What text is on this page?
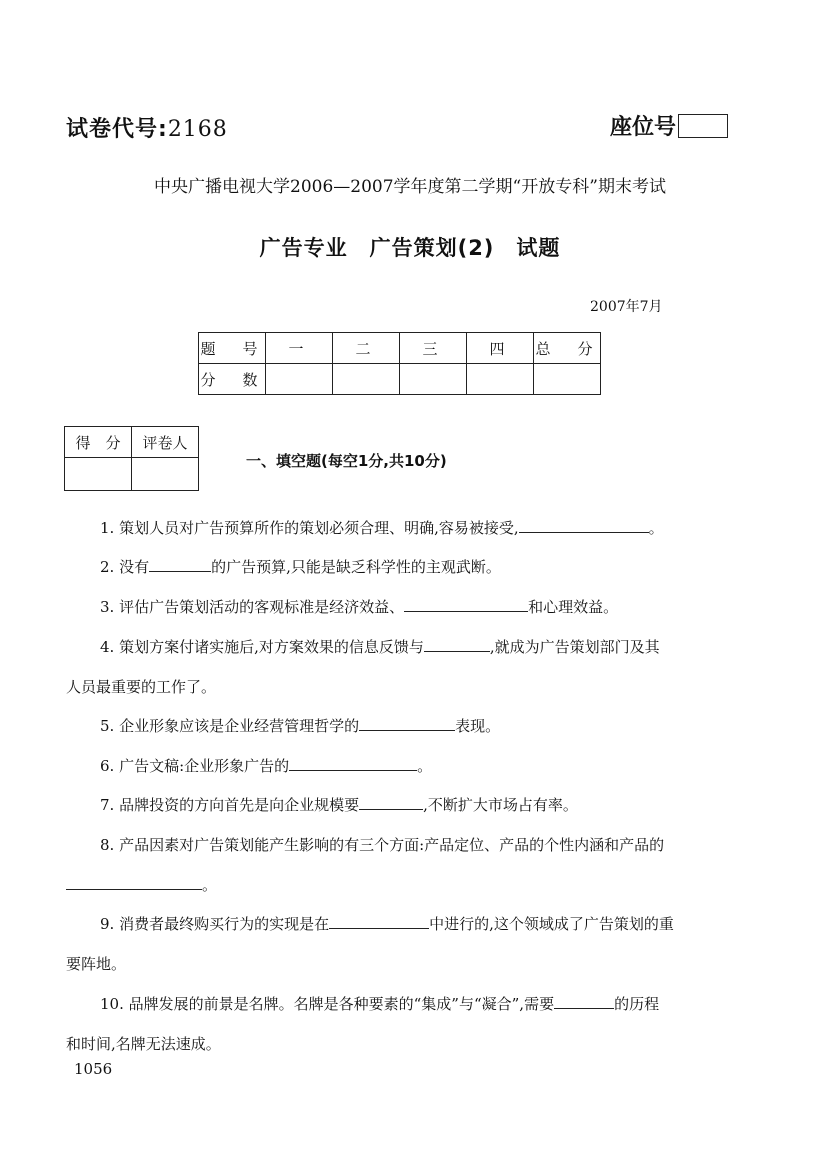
试卷代号:2168	座位号
中央广播电视大学2006—2007学年度第二学期“开放专科”期末考试
广告专业　广告策划(2)　试题
2007年7月
题　号	一	二	三	四	总　分
分　数					
得　分	评卷人

一、填空题(每空1分,共10分)
1. 策划人员对广告预算所作的策划必须合理、明确,容易被接受,	。
2. 没有	的广告预算,只能是缺乏科学性的主观武断。
3. 评估广告策划活动的客观标准是经济效益、	和心理效益。
4. 策划方案付诸实施后,对方案效果的信息反馈与	,就成为广告策划部门及其
人员最重要的工作了。
5. 企业形象应该是企业经营管理哲学的	表现。
6. 广告文稿:企业形象广告的	。
7. 品牌投资的方向首先是向企业规模要	,不断扩大市场占有率。
8. 产品因素对广告策划能产生影响的有三个方面:产品定位、产品的个性内涵和产品的
。
9. 消费者最终购买行为的实现是在	中进行的,这个领域成了广告策划的重
要阵地。
10. 品牌发展的前景是名牌。名牌是各种要素的“集成”与“凝合”,需要	的历程
和时间,名牌无法速成。
1056
